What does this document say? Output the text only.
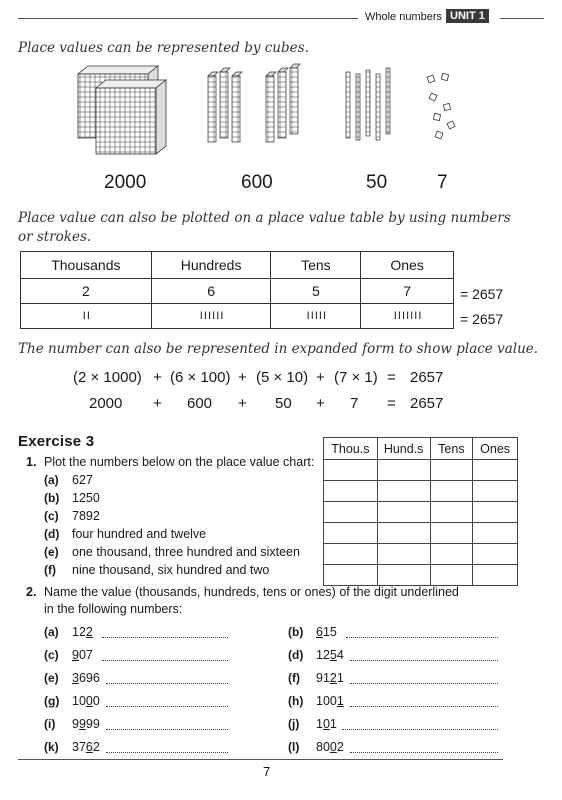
Whole numbers UNIT 1
Place values can be represented by cubes.
2000	600	50	7
Place value can also be plotted on a place value table by using numbers or strokes.
Thousands	Hundreds	Tens	Ones
2	6	5	7
I I	I I I I I I	I I I I I	I I I I I I I
= 2657
= 2657
The number can also be represented in expanded form to show place value.
(2 × 1000) + (6 × 100) + (5 × 10) + (7 × 1) = 2657
2000 + 600 + 50 + 7 = 2657
Exercise 3
1. Plot the numbers below on the place value chart:
(a) 627
(b) 1250
(c) 7892
(d) four hundred and twelve
(e) one thousand, three hundred and sixteen
(f) nine thousand, six hundred and two
Thou.s	Hund.s	Tens	Ones

2. Name the value (thousands, hundreds, tens or ones) of the digit underlined
in the following numbers:
(a) 122
(c) 907
(e) 3696
(g) 1000
(i) 9999
(k) 3762
(b) 615
(d) 1254
(f) 9121
(h) 1001
(j) 101
(l) 8002
7
